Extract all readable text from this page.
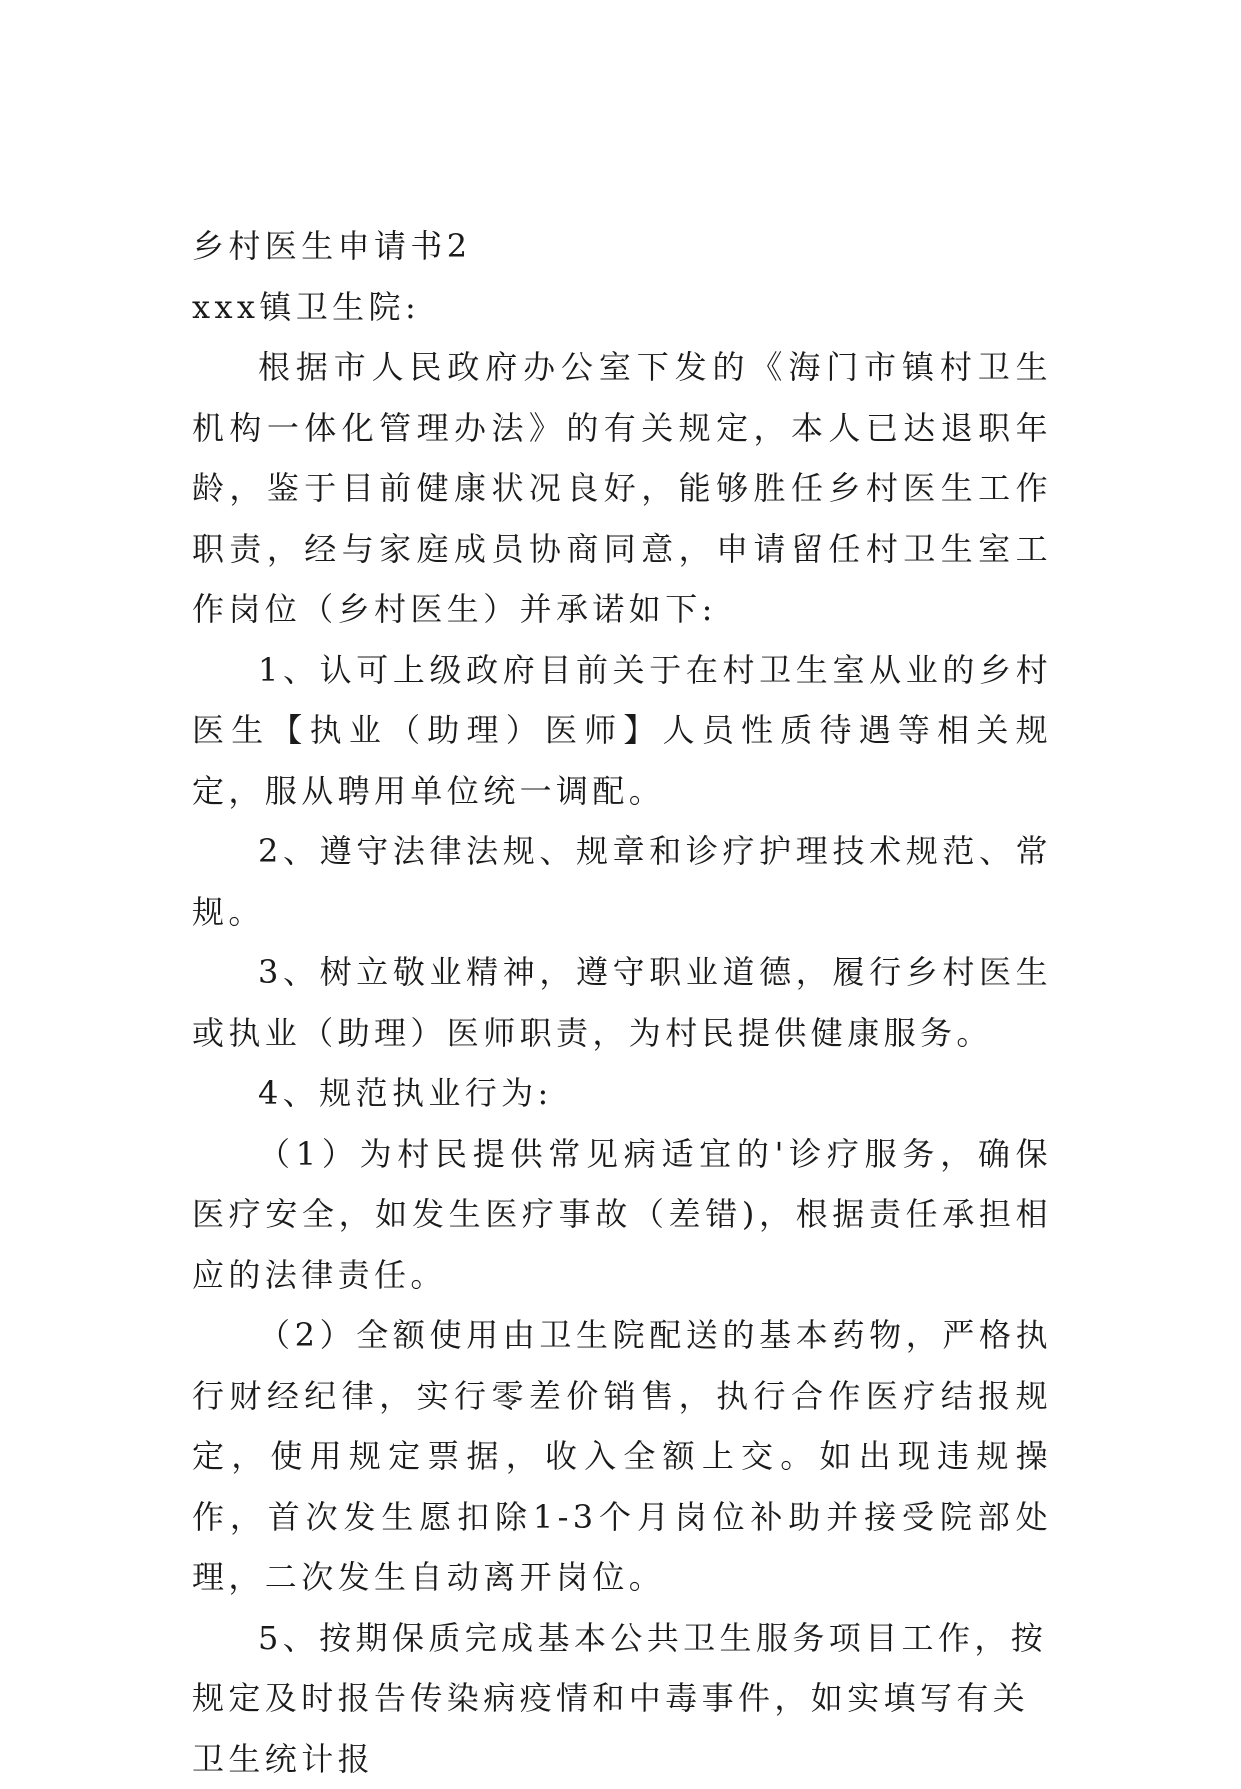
乡村医生申请书2

xxx镇卫生院:

根据市人民政府办公室下发的《海门市镇村卫生机构一体化管理办法》的有关规定，本人已达退职年龄，鉴于目前健康状况良好，能够胜任乡村医生工作职责，经与家庭成员协商同意，申请留任村卫生室工作岗位（乡村医生）并承诺如下:

1、认可上级政府目前关于在村卫生室从业的乡村医生【执业（助理）医师】人员性质待遇等相关规定，服从聘用单位统一调配。

2、遵守法律法规、规章和诊疗护理技术规范、常规。

3、树立敬业精神，遵守职业道德，履行乡村医生或执业（助理）医师职责，为村民提供健康服务。

4、规范执业行为:

（1）为村民提供常见病适宜的'诊疗服务，确保医疗安全，如发生医疗事故（差错)，根据责任承担相应的法律责任。

（2）全额使用由卫生院配送的基本药物，严格执行财经纪律，实行零差价销售，执行合作医疗结报规定，使用规定票据，收入全额上交。如出现违规操作，首次发生愿扣除1-3个月岗位补助并接受院部处理，二次发生自动离开岗位。

5、按期保质完成基本公共卫生服务项目工作，按规定及时报告传染病疫情和中毒事件，如实填写有关卫生统计报
